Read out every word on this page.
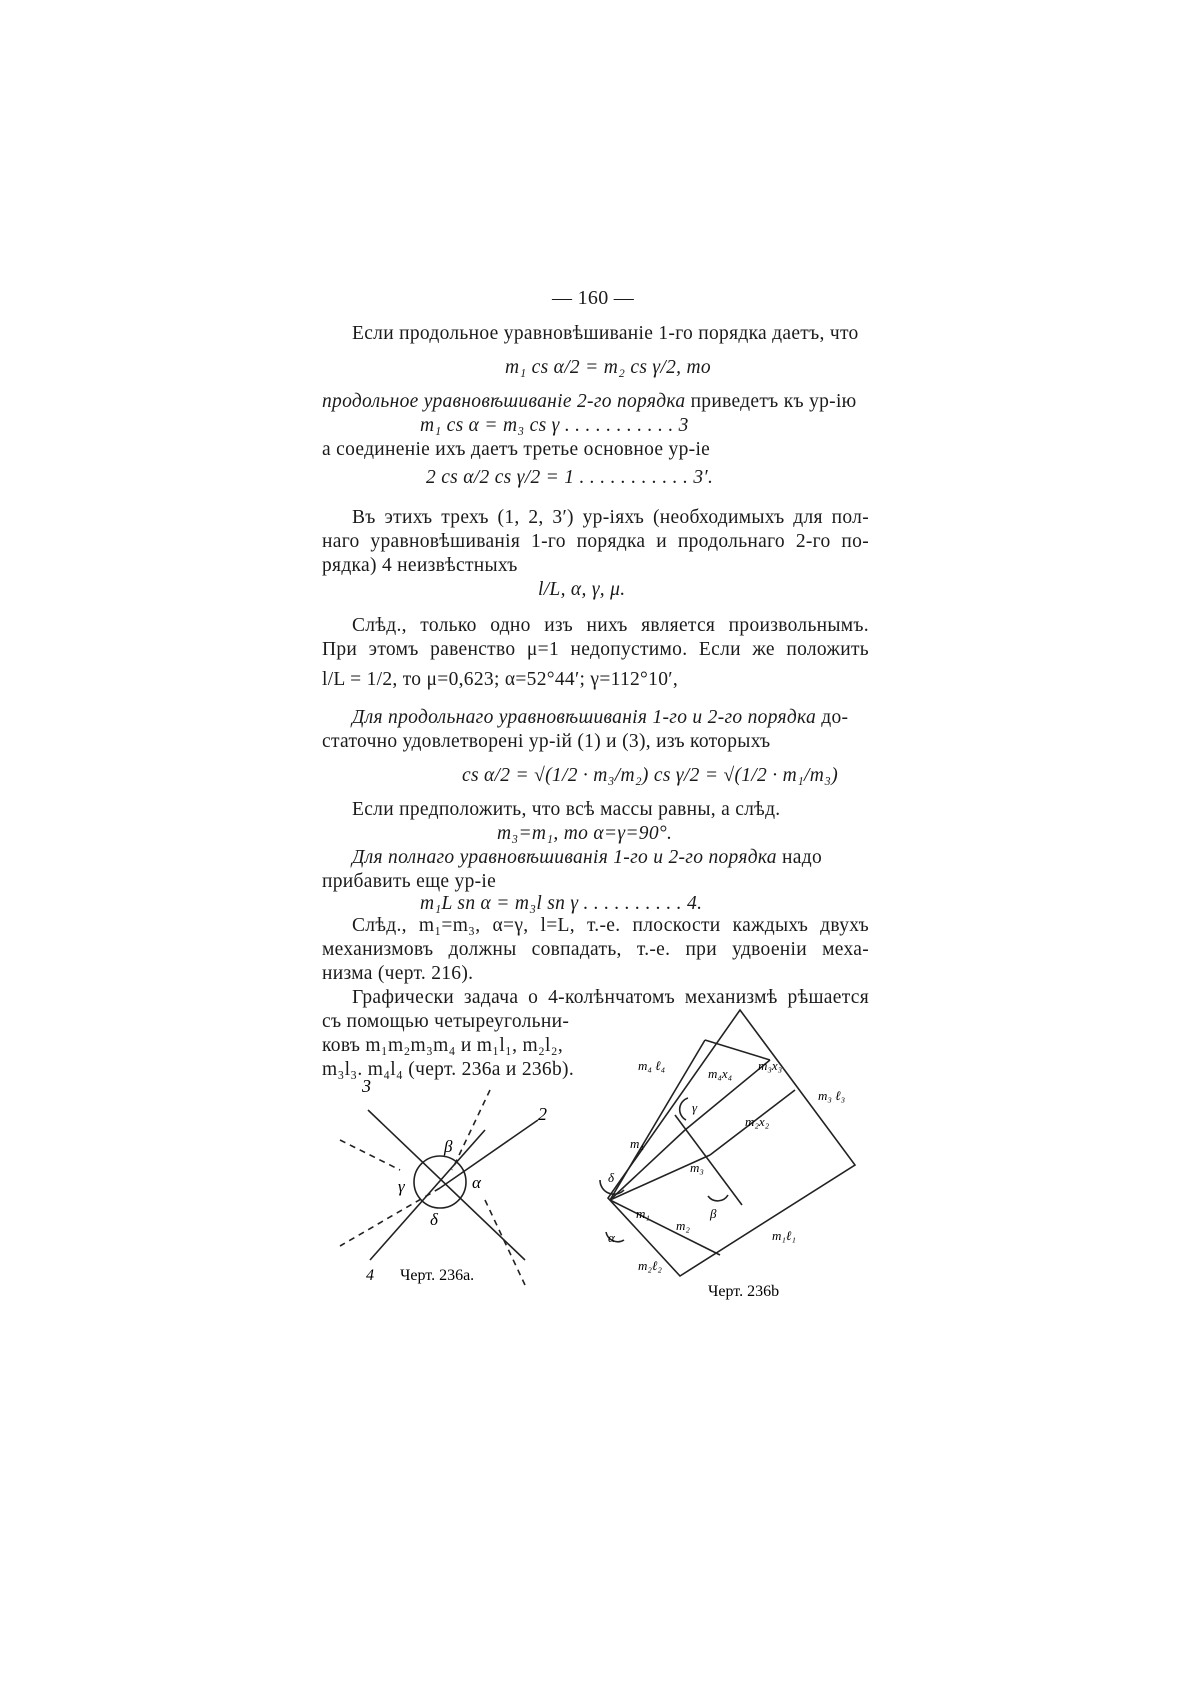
— 160 —
Если продольное уравновѣшиваніе 1-го порядка даетъ, что
m₁ cs α/2 = m₂ cs γ/2, то
продольное уравновѣшиваніе 2-го порядка приведетъ къ ур-ію
m₁ cs α = m₃ cs γ . . . . . . . . . . . 3
а соединеніе ихъ даетъ третье основное ур-іе
2 cs α/2 cs γ/2 = 1 . . . . . . . . . . . 3′.
Въ этихъ трехъ (1, 2, 3′) ур-іяхъ (необходимыхъ для пол-
наго уравновѣшиванія 1-го порядка и продольнаго 2-го по-
рядка) 4 неизвѣстныхъ
l/L, α, γ, μ.
Слѣд., только одно изъ нихъ является произвольнымъ.
При этомъ равенство μ=1 недопустимо. Если же положить
l/L = 1/2, то μ=0,623; α=52°44′; γ=112°10′,
Для продольнаго уравновѣшиванія 1-го и 2-го порядка до-
статочно удовлетворені ур-ій (1) и (3), изъ которыхъ
cs α/2 = √(1/2 · m₃/m₂) cs γ/2 = √(1/2 · m₁/m₃)
Если предположить, что всѣ массы равны, а слѣд.
m₃=m₁, то α=γ=90°.
Для полнаго уравновѣшиванія 1-го и 2-го порядка надо
прибавить еще ур-іе
m₁L sn α = m₃l sn γ . . . . . . . . . . 4.
Слѣд., m₁=m₃, α=γ, l=L, т.-е. плоскости каждыхъ двухъ
механизмовъ должны совпадать, т.-е. при удвоеніи меха-
низма (черт. 216).
Графически задача о 4-колѣнчатомъ механизмѣ рѣшается
съ помощью четыреугольни-
ковъ m₁m₂m₃m₄ и m₁l₁, m₂l₂,
m₃l₃. m₄l₄ (черт. 236a и 236b).
3
2
4
β
α
γ
δ
Черт. 236a.
m₄ ℓ₄
m₄x₄
m₃x₃
m₃ ℓ₃
m₂x₂
γ
m₄
m₃
δ
m₁	β
m₂
α
m₂ℓ₂
m₁ℓ₁
Черт. 236b
